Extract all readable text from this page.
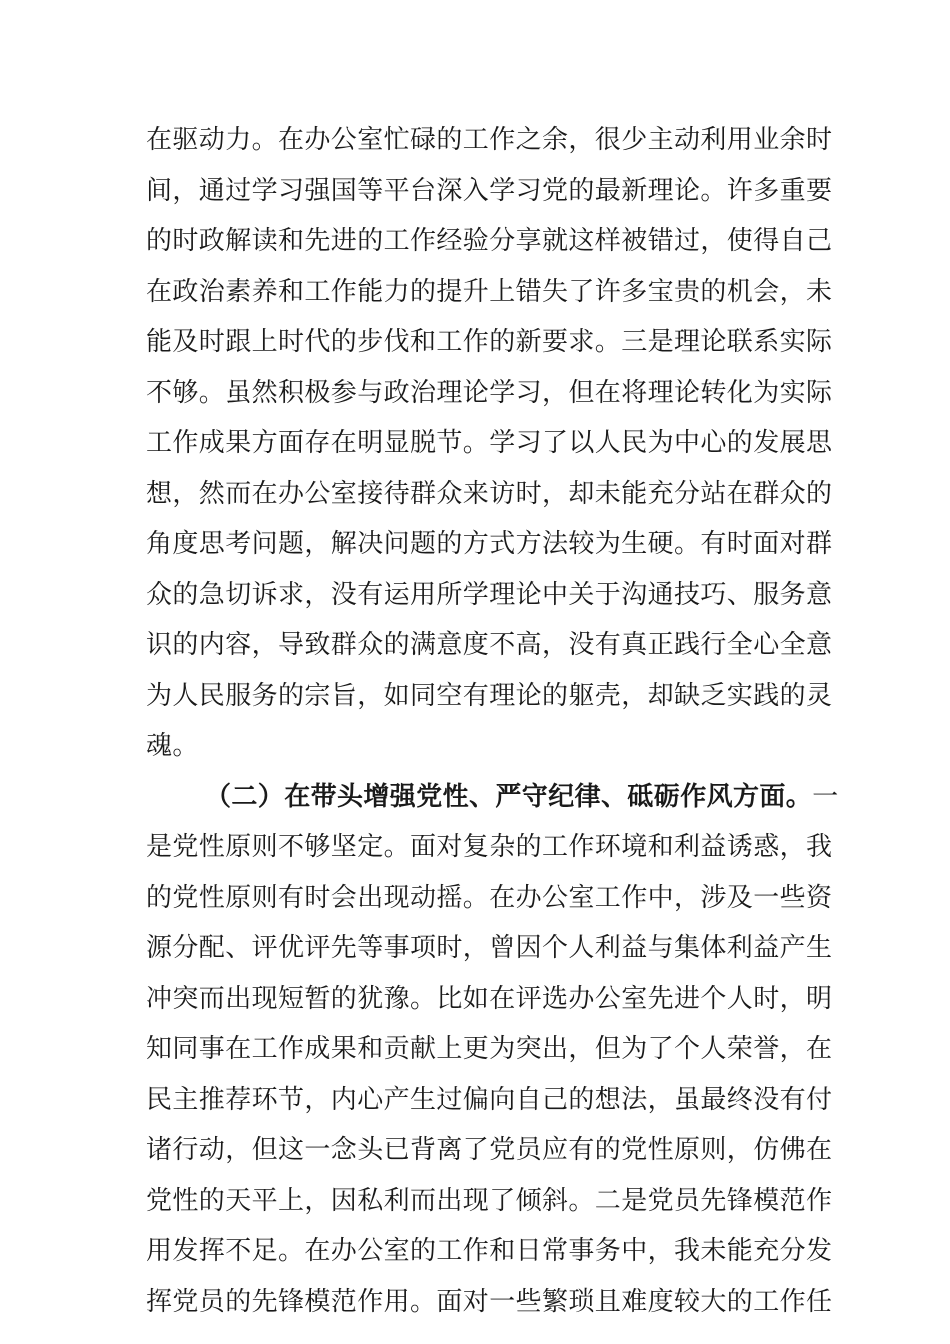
在驱动力。在办公室忙碌的工作之余，很少主动利用业余时
间，通过学习强国等平台深入学习党的最新理论。许多重要
的时政解读和先进的工作经验分享就这样被错过，使得自己
在政治素养和工作能力的提升上错失了许多宝贵的机会，未
能及时跟上时代的步伐和工作的新要求。三是理论联系实际
不够。虽然积极参与政治理论学习，但在将理论转化为实际
工作成果方面存在明显脱节。学习了以人民为中心的发展思
想，然而在办公室接待群众来访时，却未能充分站在群众的
角度思考问题，解决问题的方式方法较为生硬。有时面对群
众的急切诉求，没有运用所学理论中关于沟通技巧、服务意
识的内容，导致群众的满意度不高，没有真正践行全心全意
为人民服务的宗旨，如同空有理论的躯壳，却缺乏实践的灵
魂。
（二）在带头增强党性、严守纪律、砥砺作风方面。一
是党性原则不够坚定。面对复杂的工作环境和利益诱惑，我
的党性原则有时会出现动摇。在办公室工作中，涉及一些资
源分配、评优评先等事项时，曾因个人利益与集体利益产生
冲突而出现短暂的犹豫。比如在评选办公室先进个人时，明
知同事在工作成果和贡献上更为突出，但为了个人荣誉，在
民主推荐环节，内心产生过偏向自己的想法，虽最终没有付
诸行动，但这一念头已背离了党员应有的党性原则，仿佛在
党性的天平上，因私利而出现了倾斜。二是党员先锋模范作
用发挥不足。在办公室的工作和日常事务中，我未能充分发
挥党员的先锋模范作用。面对一些繁琐且难度较大的工作任
